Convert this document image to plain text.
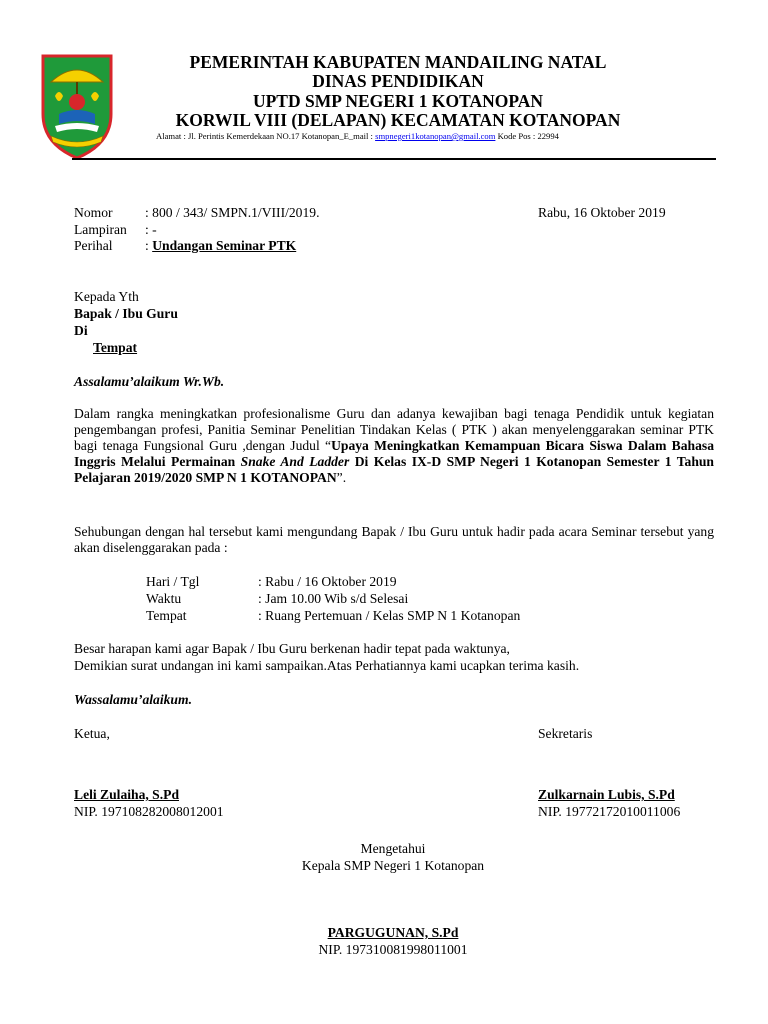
PEMERINTAH KABUPATEN MANDAILING NATAL
DINAS PENDIDIKAN
UPTD SMP NEGERI 1 KOTANOPAN
KORWIL VIII (DELAPAN) KECAMATAN KOTANOPAN
Alamat : Jl. Perintis Kemerdekaan NO.17 Kotanopan_E_mail : smpnegeri1kotanopan@gmail.com Kode Pos : 22994
Nomor : 800 / 343/ SMPN.1/VIII/2019.	Rabu, 16 Oktober 2019
Lampiran : -
Perihal : Undangan Seminar PTK
Kepada Yth
Bapak / Ibu Guru
Di
Tempat
Assalamu’alaikum Wr.Wb.
Dalam rangka meningkatkan profesionalisme Guru dan adanya kewajiban bagi tenaga Pendidik untuk kegiatan pengembangan profesi, Panitia Seminar Penelitian Tindakan Kelas ( PTK ) akan menyelenggarakan seminar PTK bagi tenaga Fungsional Guru ,dengan Judul “Upaya Meningkatkan Kemampuan Bicara Siswa Dalam Bahasa Inggris Melalui Permainan Snake And Ladder Di Kelas IX-D SMP Negeri 1 Kotanopan Semester 1 Tahun Pelajaran 2019/2020 SMP N 1 KOTANOPAN”.
Sehubungan dengan hal tersebut kami mengundang Bapak / Ibu Guru untuk hadir pada acara Seminar tersebut yang akan diselenggarakan pada :
Hari / Tgl	: Rabu / 16 Oktober 2019
Waktu	: Jam 10.00 Wib s/d Selesai
Tempat	: Ruang Pertemuan / Kelas SMP N 1 Kotanopan
Besar harapan kami agar Bapak / Ibu Guru berkenan hadir tepat pada waktunya,
Demikian surat undangan ini kami sampaikan.Atas Perhatiannya kami ucapkan terima kasih.
Wassalamu’alaikum.
Ketua,	Sekretaris
Leli Zulaiha, S.Pd	Zulkarnain Lubis, S.Pd
NIP. 197108282008012001	NIP. 19772172010011006
Mengetahui
Kepala SMP Negeri 1 Kotanopan
PARGUGUNAN, S.Pd
NIP. 197310081998011001
